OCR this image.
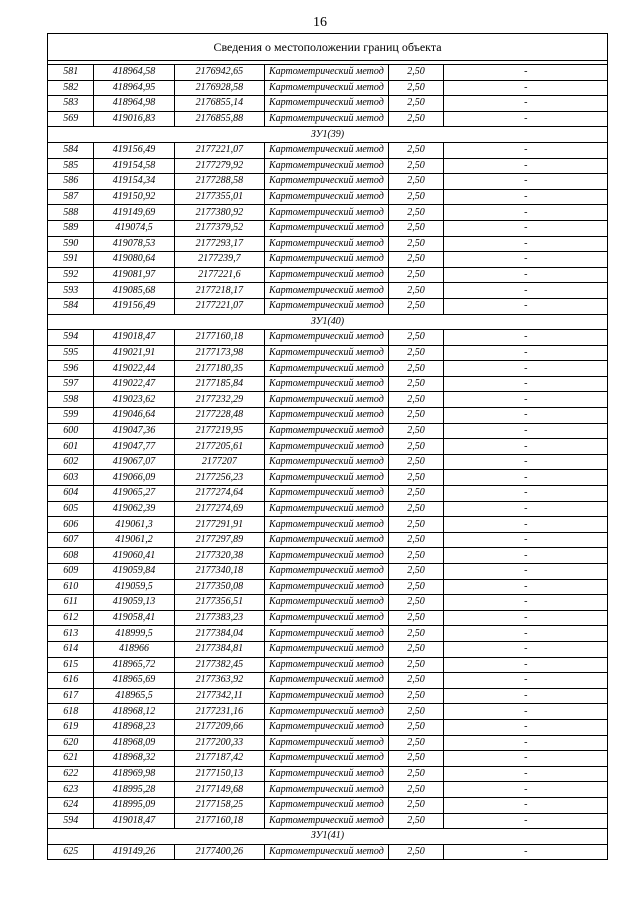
16
Сведения о местоположении границ объекта					

581	418964,58	2176942,65	Картометрический метод	2,50	-
582	418964,95	2176928,58	Картометрический метод	2,50	-
583	418964,98	2176855,14	Картометрический метод	2,50	-
569	419016,83	2176855,88	Картометрический метод	2,50	-
ЗУ1(39)					
584	419156,49	2177221,07	Картометрический метод	2,50	-
585	419154,58	2177279,92	Картометрический метод	2,50	-
586	419154,34	2177288,58	Картометрический метод	2,50	-
587	419150,92	2177355,01	Картометрический метод	2,50	-
588	419149,69	2177380,92	Картометрический метод	2,50	-
589	419074,5	2177379,52	Картометрический метод	2,50	-
590	419078,53	2177293,17	Картометрический метод	2,50	-
591	419080,64	2177239,7	Картометрический метод	2,50	-
592	419081,97	2177221,6	Картометрический метод	2,50	-
593	419085,68	2177218,17	Картометрический метод	2,50	-
584	419156,49	2177221,07	Картометрический метод	2,50	-
ЗУ1(40)					
594	419018,47	2177160,18	Картометрический метод	2,50	-
595	419021,91	2177173,98	Картометрический метод	2,50	-
596	419022,44	2177180,35	Картометрический метод	2,50	-
597	419022,47	2177185,84	Картометрический метод	2,50	-
598	419023,62	2177232,29	Картометрический метод	2,50	-
599	419046,64	2177228,48	Картометрический метод	2,50	-
600	419047,36	2177219,95	Картометрический метод	2,50	-
601	419047,77	2177205,61	Картометрический метод	2,50	-
602	419067,07	2177207	Картометрический метод	2,50	-
603	419066,09	2177256,23	Картометрический метод	2,50	-
604	419065,27	2177274,64	Картометрический метод	2,50	-
605	419062,39	2177274,69	Картометрический метод	2,50	-
606	419061,3	2177291,91	Картометрический метод	2,50	-
607	419061,2	2177297,89	Картометрический метод	2,50	-
608	419060,41	2177320,38	Картометрический метод	2,50	-
609	419059,84	2177340,18	Картометрический метод	2,50	-
610	419059,5	2177350,08	Картометрический метод	2,50	-
611	419059,13	2177356,51	Картометрический метод	2,50	-
612	419058,41	2177383,23	Картометрический метод	2,50	-
613	418999,5	2177384,04	Картометрический метод	2,50	-
614	418966	2177384,81	Картометрический метод	2,50	-
615	418965,72	2177382,45	Картометрический метод	2,50	-
616	418965,69	2177363,92	Картометрический метод	2,50	-
617	418965,5	2177342,11	Картометрический метод	2,50	-
618	418968,12	2177231,16	Картометрический метод	2,50	-
619	418968,23	2177209,66	Картометрический метод	2,50	-
620	418968,09	2177200,33	Картометрический метод	2,50	-
621	418968,32	2177187,42	Картометрический метод	2,50	-
622	418969,98	2177150,13	Картометрический метод	2,50	-
623	418995,28	2177149,68	Картометрический метод	2,50	-
624	418995,09	2177158,25	Картометрический метод	2,50	-
594	419018,47	2177160,18	Картометрический метод	2,50	-
ЗУ1(41)					
625	419149,26	2177400,26	Картометрический метод	2,50	-
